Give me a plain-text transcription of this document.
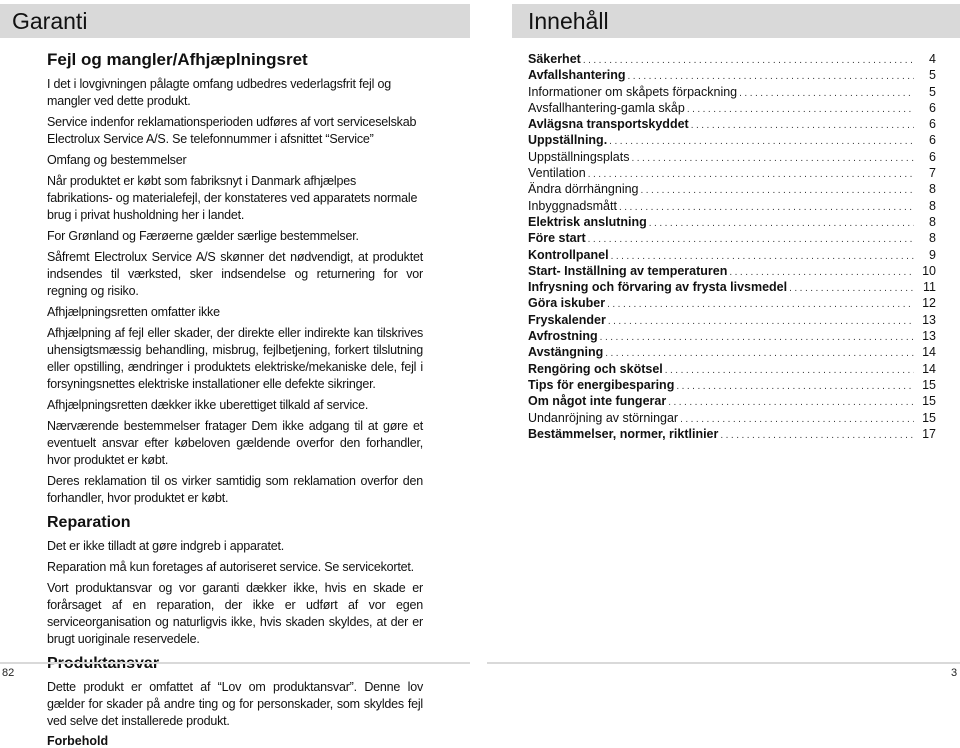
Garanti
Fejl og mangler/Afhjæplningsret

I det i lovgivningen pålagte omfang udbedres vederlagsfrit fejl og mangler ved dette produkt.

Service indenfor reklamationsperioden udføres af vort serviceselskab Electrolux Service A/S. Se telefonnummer i afsnittet “Service”

Omfang og bestemmelser

Når produktet er købt som fabriksnyt i Danmark afhjælpes fabrikations- og materialefejl, der konstateres ved apparatets normale brug i privat husholdning her i landet.

For Grønland og Færøerne gælder særlige bestemmelser.

Såfremt Electrolux Service A/S skønner det nødvendigt, at produktet indsendes til værksted, sker indsendelse og returnering for vor regning og risiko.

Afhjælpningsretten omfatter ikke

Afhjælpning af fejl eller skader, der direkte eller indirekte kan tilskrives uhensigtsmæssig behandling, misbrug, fejlbetjening, forkert tilslutning eller opstilling, ændringer i produktets elektriske/mekaniske dele, fejl i forsyningsnettes elektriske installationer elle defekte sikringer.

Afhjælpningsretten dækker ikke uberettiget tilkald af service.

Nærværende bestemmelser fratager Dem ikke adgang til at gøre et eventuelt ansvar efter købeloven gældende overfor den forhandler, hvor produktet er købt.

Deres reklamation til os virker samtidig som reklamation overfor den forhandler, hvor produktet er købt.

Reparation

Det er ikke tilladt at gøre indgreb i apparatet.

Reparation må kun foretages af autoriseret service. Se servicekortet.

Vort produktansvar og vor garanti dækker ikke, hvis en skade er forårsaget af en reparation, der ikke er udført af vor egen serviceorganisation og naturligvis ikke, hvis skaden skyldes, at der er brugt uoriginale reservedele.

Dette produkt er omfattet af “Lov om produktansvar”. Denne lov gælder for skader på andre ting og for personskader, som skyldes fejl ved selve det installerede produkt.

Forbehold
82
Innehåll
3
Säkerhet .....	4
Avfallshantering .....	5
Informationer om skåpets förpackning .....	5
Avsfallhantering-gamla skåp .....	6
Avlägsna transportskyddet .....	6
Uppställning. .....	6
Uppställningsplats .....	6
Ventilation .....	7
Ändra dörrhängning .....	8
Inbyggnadsmått .....	8
Elektrisk anslutning .....	8
Före start .....	8
Kontrollpanel .....	9
Start- Inställning av temperaturen .....	10
Infrysning och förvaring av frysta livsmedel .....	11
Göra iskuber .....	12
Fryskalender .....	13
Avfrostning .....	13
Avstängning .....	14
Rengöring och skötsel .....	14
Tips för energibesparing .....	15
Om något inte fungerar .....	15
Undanröjning av störningar .....	15
Bestämmelser, normer, riktlinier .....	17
